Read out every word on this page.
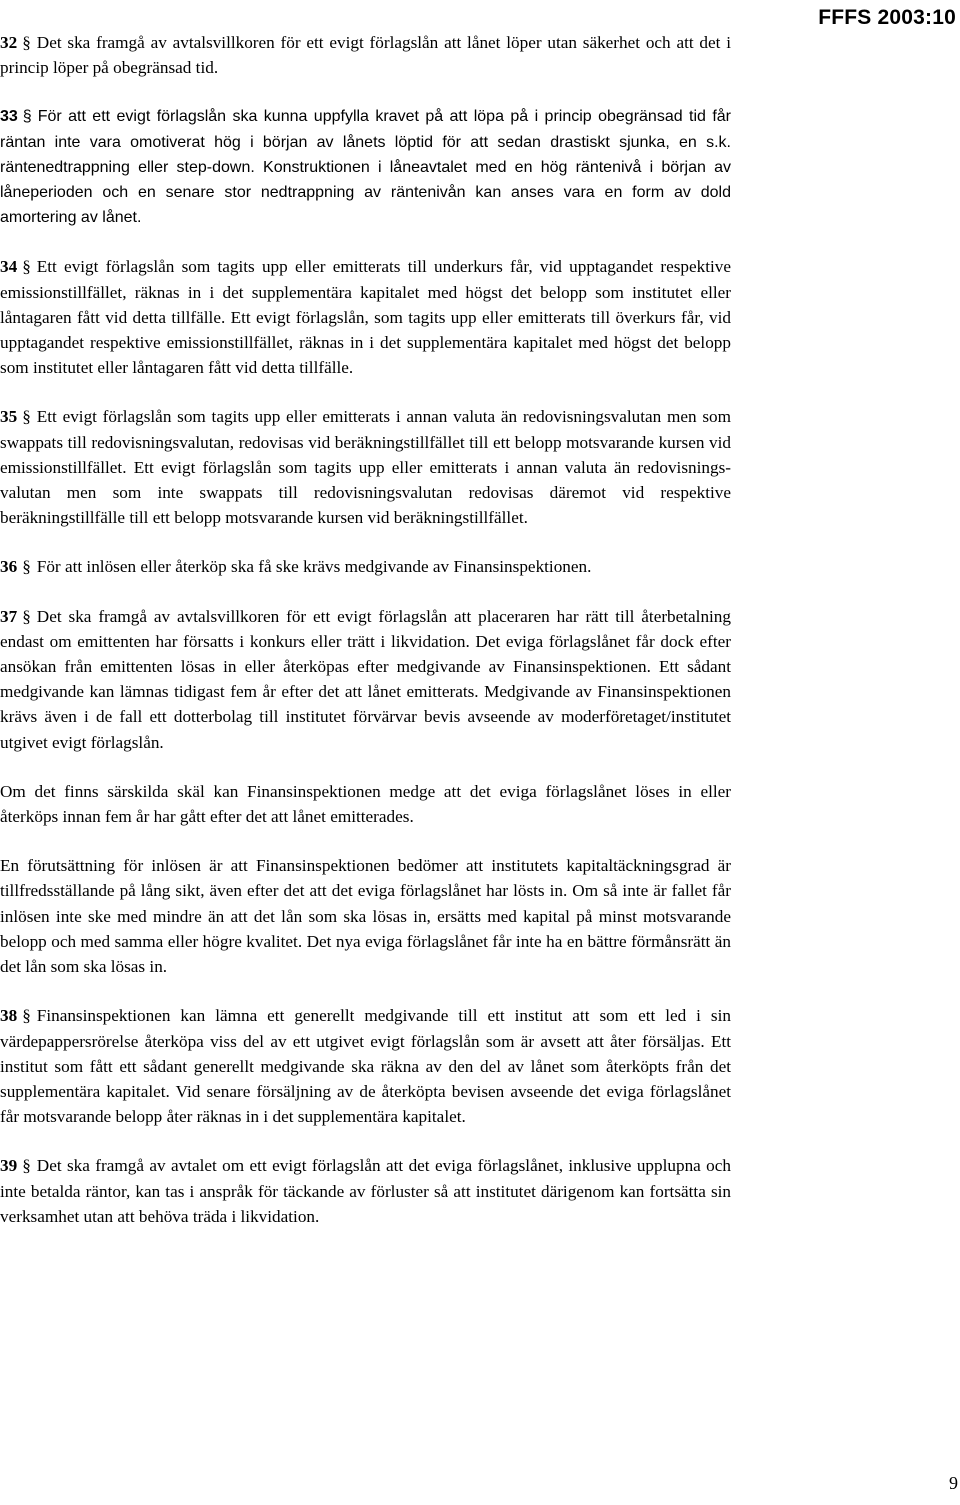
FFFS 2003:10

32 § Det ska framgå av avtalsvillkoren för ett evigt förlagslån att lånet löper utan säkerhet och att det i princip löper på obegränsad tid.

33 § För att ett evigt förlagslån ska kunna uppfylla kravet på att löpa på i princip obegränsad tid får räntan inte vara omotiverat hög i början av lånets löptid för att sedan drastiskt sjunka, en s.k. räntenedtrappning eller step-down. Konstruktionen i låneavtalet med en hög räntenivå i början av låneperioden och en senare stor nedtrappning av räntenivån kan anses vara en form av dold amortering av lånet.

34 § Ett evigt förlagslån som tagits upp eller emitterats till underkurs får, vid upptagandet respektive emissionstillfället, räknas in i det supplementära kapitalet med högst det belopp som institutet eller låntagaren fått vid detta tillfälle. Ett evigt förlagslån, som tagits upp eller emitterats till överkurs får, vid upptagandet respektive emissionstillfället, räknas in i det supplementära kapitalet med högst det belopp som institutet eller låntagaren fått vid detta tillfälle.

35 § Ett evigt förlagslån som tagits upp eller emitterats i annan valuta än redovisningsvalutan men som swappats till redovisningsvalutan, redovisas vid beräkningstillfället till ett belopp motsvarande kursen vid emissionstillfället. Ett evigt förlagslån som tagits upp eller emitterats i annan valuta än redovisningsvalutan men som inte swappats till redovisningsvalutan redovisas däremot vid respektive beräkningstillfälle till ett belopp motsvarande kursen vid beräkningstillfället.

36 § För att inlösen eller återköp ska få ske krävs medgivande av Finansinspektionen.

37 § Det ska framgå av avtalsvillkoren för ett evigt förlagslån att placeraren har rätt till återbetalning endast om emittenten har försatts i konkurs eller trätt i likvidation. Det eviga förlagslånet får dock efter ansökan från emittenten lösas in eller återköpas efter medgivande av Finansinspektionen. Ett sådant medgivande kan lämnas tidigast fem år efter det att lånet emitterats. Medgivande av Finansinspektionen krävs även i de fall ett dotterbolag till institutet förvärvar bevis avseende av moderföretaget/institutet utgivet evigt förlagslån.

Om det finns särskilda skäl kan Finansinspektionen medge att det eviga förlagslånet löses in eller återköps innan fem år har gått efter det att lånet emitterades.

En förutsättning för inlösen är att Finansinspektionen bedömer att institutets kapitaltäckningsgrad är tillfredsställande på lång sikt, även efter det att det eviga förlagslånet har lösts in. Om så inte är fallet får inlösen inte ske med mindre än att det lån som ska lösas in, ersätts med kapital på minst motsvarande belopp och med samma eller högre kvalitet. Det nya eviga förlagslånet får inte ha en bättre förmånsrätt än det lån som ska lösas in.

38 § Finansinspektionen kan lämna ett generellt medgivande till ett institut att som ett led i sin värdepappersrörelse återköpa viss del av ett utgivet evigt förlagslån som är avsett att åter försäljas. Ett institut som fått ett sådant generellt medgivande ska räkna av den del av lånet som återköpts från det supplementära kapitalet. Vid senare försäljning av de återköpta bevisen avseende det eviga förlagslånet får motsvarande belopp åter räknas in i det supplementära kapitalet.

39 § Det ska framgå av avtalet om ett evigt förlagslån att det eviga förlagslånet, inklusive upplupna och inte betalda räntor, kan tas i anspråk för täckande av förluster så att institutet därigenom kan fortsätta sin verksamhet utan att behöva träda i likvidation.

9
